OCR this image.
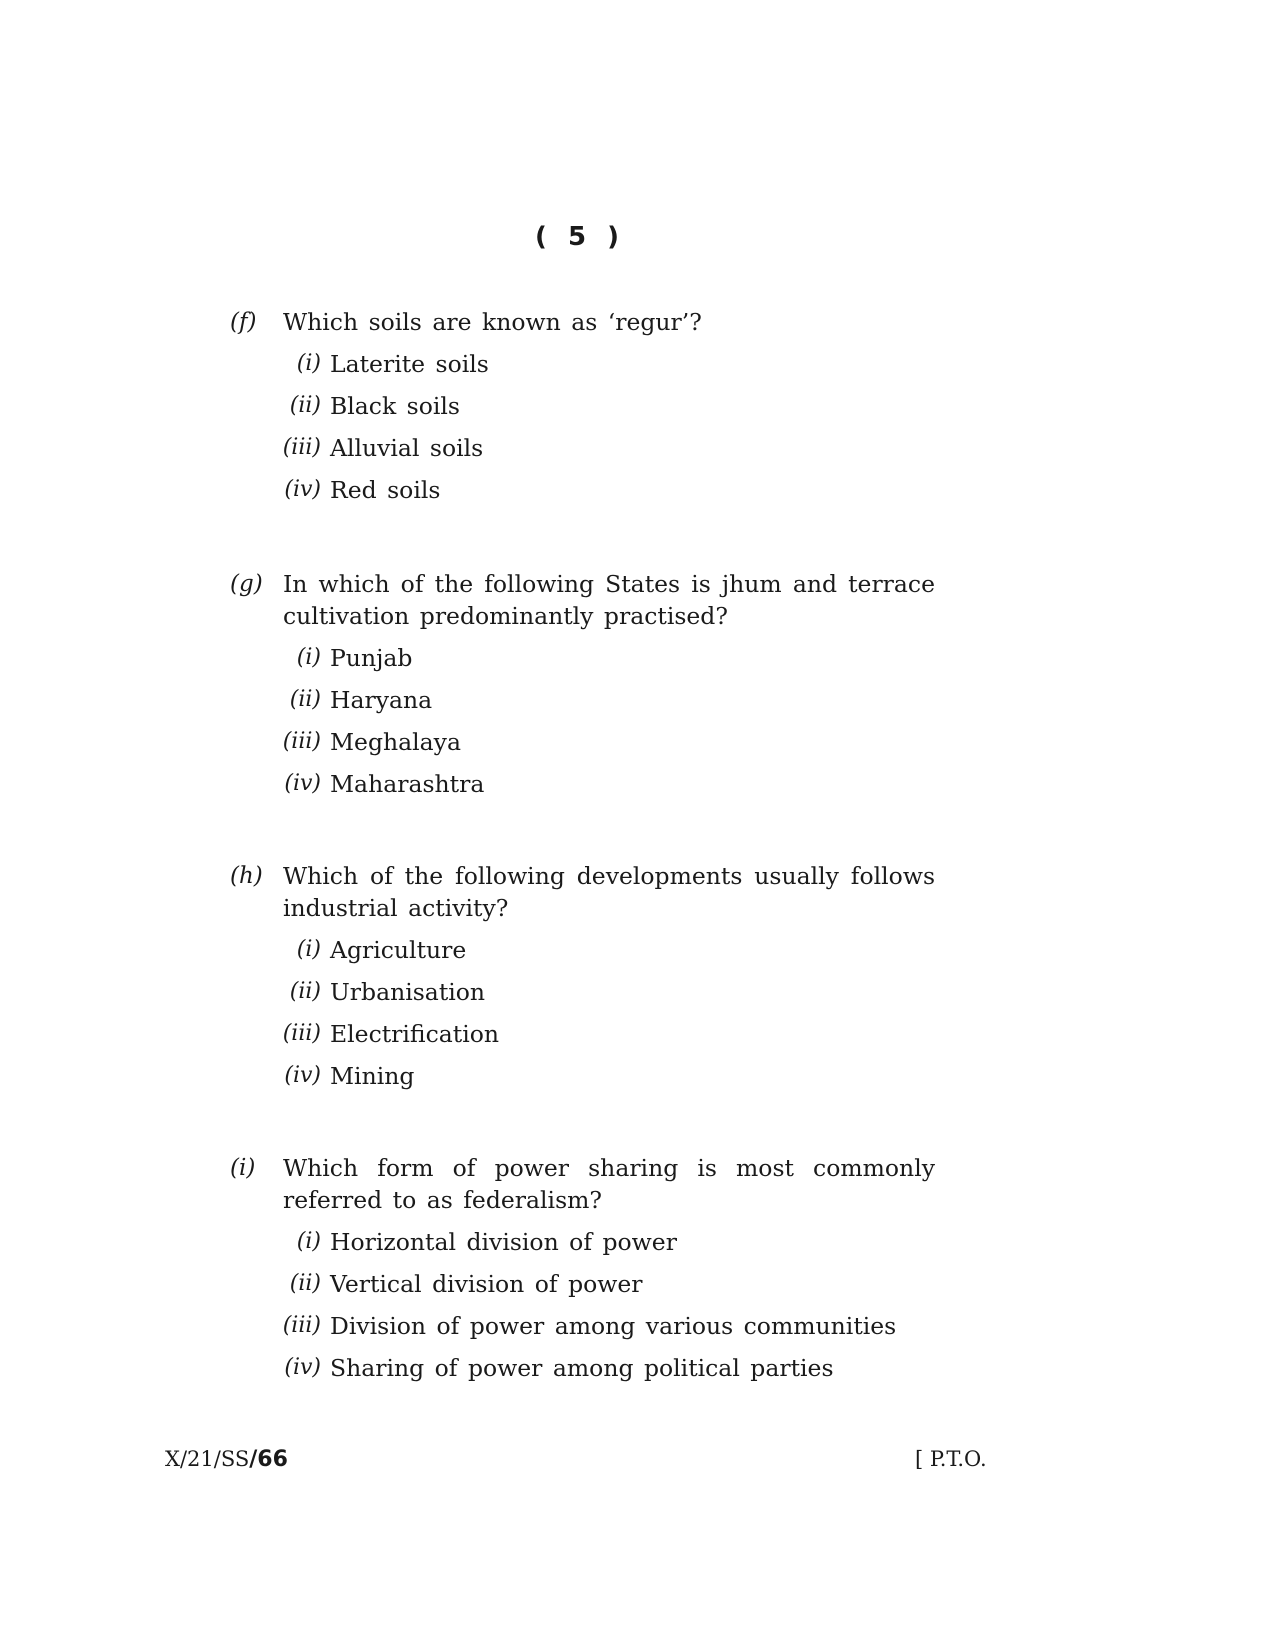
( 5 )
(f) Which soils are known as ‘regur’?
(i) Laterite soils
(ii) Black soils
(iii) Alluvial soils
(iv) Red soils
(g) In which of the following States is jhum and terrace cultivation predominantly practised?
(i) Punjab
(ii) Haryana
(iii) Meghalaya
(iv) Maharashtra
(h) Which of the following developments usually follows industrial activity?
(i) Agriculture
(ii) Urbanisation
(iii) Electrification
(iv) Mining
(i) Which form of power sharing is most commonly referred to as federalism?
(i) Horizontal division of power
(ii) Vertical division of power
(iii) Division of power among various communities
(iv) Sharing of power among political parties
X/21/SS/66	[ P.T.O.
